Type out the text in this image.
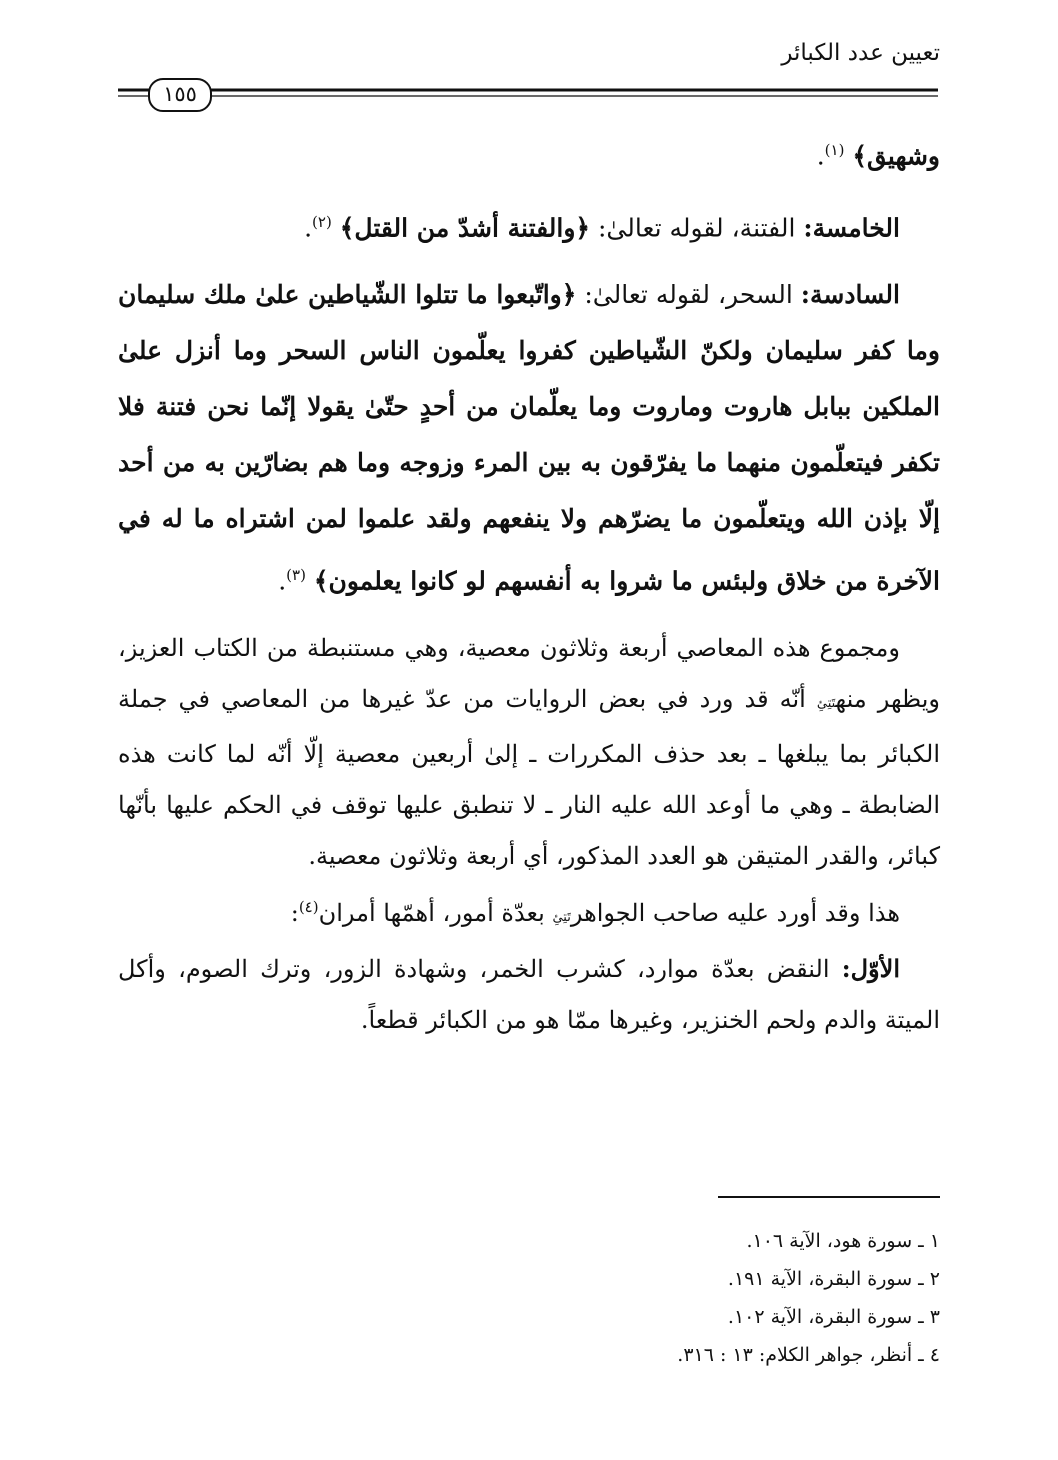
تعيين عدد الكبائر
١٥٥

وشهيق﴾ $^{(١)}$.

الخامسة: الفتنة، لقوله تعالىٰ: ﴿والفتنة أشدّ من القتل﴾ $^{(٢)}$.

السادسة: السحر، لقوله تعالىٰ: ﴿واتّبعوا ما تتلوا الشّياطين علىٰ ملك سليمان وما كفر سليمان ولكنّ الشّياطين كفروا يعلّمون الناس السحر وما أنزل علىٰ الملكين ببابل هاروت وماروت وما يعلّمان من أحدٍ حتّىٰ يقولا إنّما نحن فتنة فلا تكفر فيتعلّمون منهما ما يفرّقون به بين المرء وزوجه وما هم بضارّين به من أحد إلّا بإذن الله ويتعلّمون ما يضرّهم ولا ينفعهم ولقد علموا لمن اشتراه ما له في الآخرة من خلاق ولبئس ما شروا به أنفسهم لو كانوا يعلمون﴾ $^{(٣)}$.

ومجموع هذه المعاصي أربعة وثلاثون معصية، وهي مستنبطة من الكتاب العزيز، ويظهر منهتَتِئِ أنّه قد ورد في بعض الروايات من عدّ غيرها من المعاصي في جملة الكبائر بما يبلغها ـ بعد حذف المكررات ـ إلىٰ أربعين معصية إلّا أنّه لما كانت هذه الضابطة ـ وهي ما أوعد الله عليه النار ـ لا تنطبق عليها توقف في الحكم عليها بأنّها كبائر، والقدر المتيقن هو العدد المذكور، أي أربعة وثلاثون معصية.

هذا وقد أورد عليه صاحب الجواهرتَتِئِ بعدّة أمور، أهمّها أمران$^{(٤)}$:

الأوّل: النقض بعدّة موارد، كشرب الخمر، وشهادة الزور، وترك الصوم، وأكل الميتة والدم ولحم الخنزير، وغيرها ممّا هو من الكبائر قطعاً.

١ ـ سورة هود، الآية ١٠٦.

٢ ـ سورة البقرة، الآية ١٩١.

٣ ـ سورة البقرة، الآية ١٠٢.

٤ ـ أنظر، جواهر الكلام: ١٣ : ٣١٦.
